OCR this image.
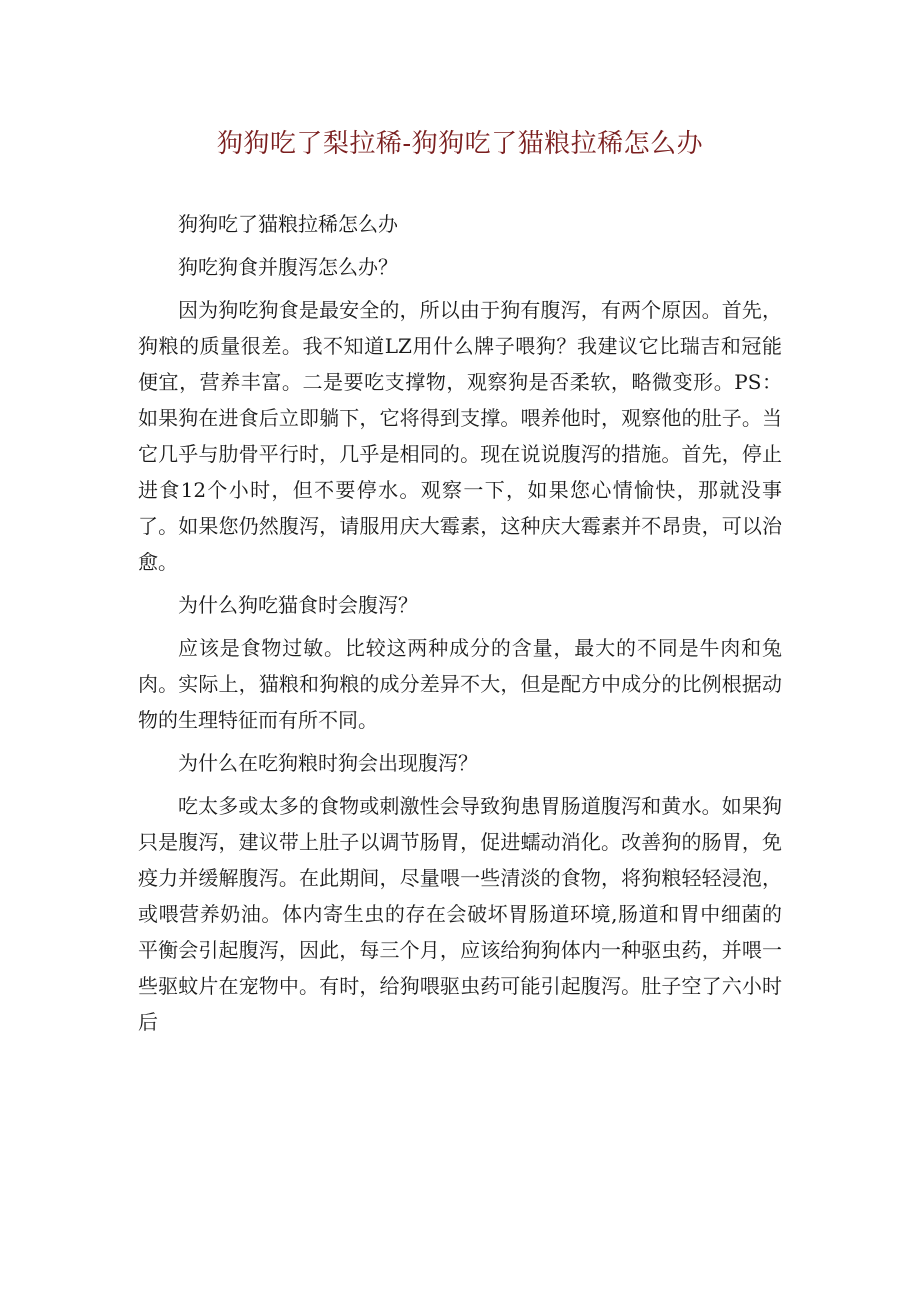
狗狗吃了梨拉稀-狗狗吃了猫粮拉稀怎么办

狗狗吃了猫粮拉稀怎么办

狗吃狗食并腹泻怎么办？

因为狗吃狗食是最安全的，所以由于狗有腹泻，有两个原因。首先，狗粮的质量很差。我不知道LZ用什么牌子喂狗？我建议它比瑞吉和冠能便宜，营养丰富。二是要吃支撑物，观察狗是否柔软，略微变形。PS：如果狗在进食后立即躺下，它将得到支撑。喂养他时，观察他的肚子。当它几乎与肋骨平行时，几乎是相同的。现在说说腹泻的措施。首先，停止进食12个小时，但不要停水。观察一下，如果您心情愉快，那就没事了。如果您仍然腹泻，请服用庆大霉素，这种庆大霉素并不昂贵，可以治愈。

为什么狗吃猫食时会腹泻？

应该是食物过敏。比较这两种成分的含量，最大的不同是牛肉和兔肉。实际上，猫粮和狗粮的成分差异不大，但是配方中成分的比例根据动物的生理特征而有所不同。

为什么在吃狗粮时狗会出现腹泻？

吃太多或太多的食物或刺激性会导致狗患胃肠道腹泻和黄水。如果狗只是腹泻，建议带上肚子以调节肠胃，促进蠕动消化。改善狗的肠胃，免疫力并缓解腹泻。在此期间，尽量喂一些清淡的食物，将狗粮轻轻浸泡，或喂营养奶油。体内寄生虫的存在会破坏胃肠道环境,肠道和胃中细菌的平衡会引起腹泻，因此，每三个月，应该给狗狗体内一种驱虫药，并喂一些驱蚊片在宠物中。有时，给狗喂驱虫药可能引起腹泻。肚子空了六小时后
